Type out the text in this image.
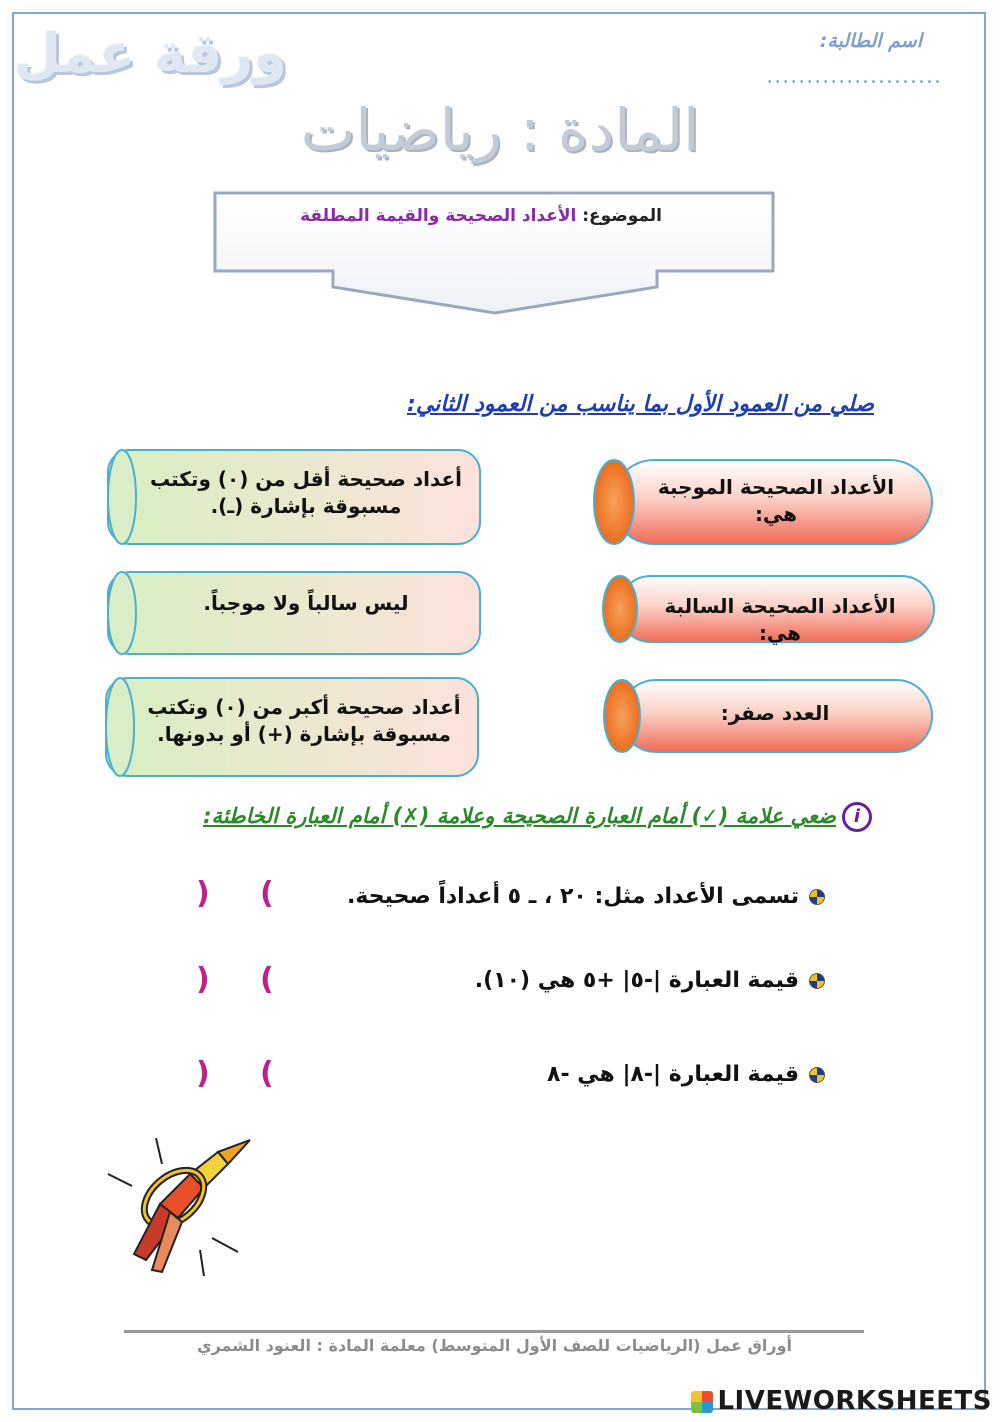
ورقة عمل	اسم الطالبة:
......................
المادة : رياضيات
الموضوع: الأعداد الصحيحة والقيمة المطلقة
صلي من العمود الأول بما يناسب من العمود الثاني:
الأعداد الصحيحة الموجبة هي:
الأعداد الصحيحة السالبة هي:
العدد صفر:
أعداد صحيحة أقل من (٠) وتكتب
مسبوقة بإشارة (ـ).
ليس سالباً ولا موجباً.
أعداد صحيحة أكبر من (٠) وتكتب
مسبوقة بإشارة (+) أو بدونها.
iضعي علامة (✓) أمام العبارة الصحيحة وعلامة (✗) أمام العبارة الخاطئة:
تسمى الأعداد مثل: ٢٠ ، ـ ٥ أعداداً صحيحة.
قيمة العبارة |-٥| +٥ هي (١٠).
قيمة العبارة |-٨| هي -٨
) (
) (
) (
أوراق عمل (الرياضيات للصف الأول المتوسط) معلمة المادة : العنود الشمري
LIVEWORKSHEETS
